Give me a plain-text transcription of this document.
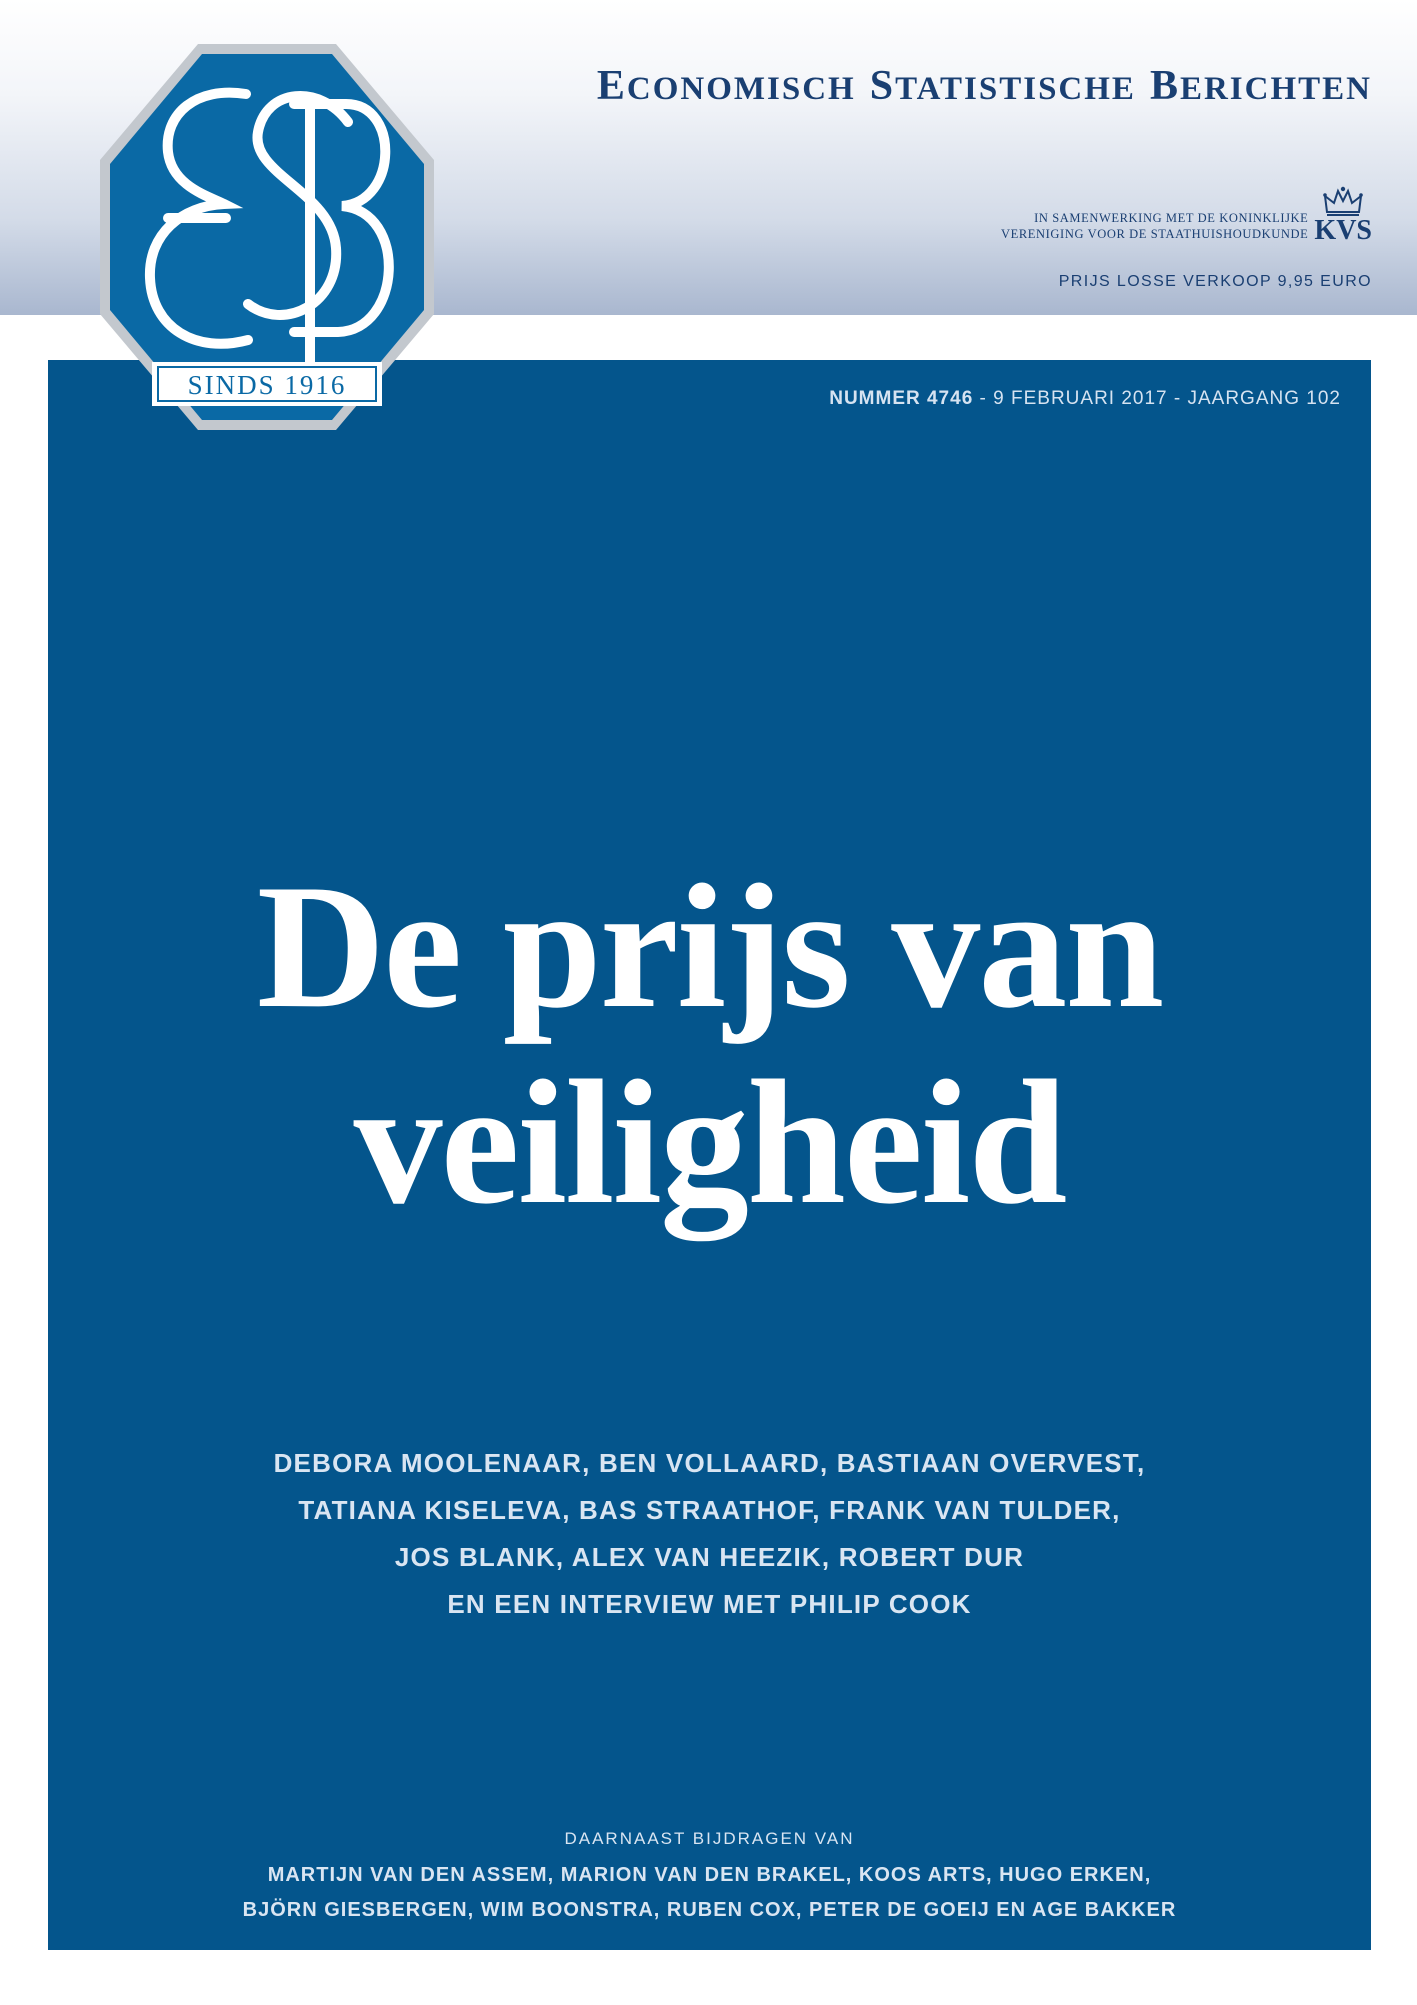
ECONOMISCH STATISTISCHE BERICHTEN
IN SAMENWERKING MET DE KONINKLIJKE
VERENIGING VOOR DE STAATHUISHOUDKUNDE KVS
PRIJS LOSSE VERKOOP 9,95 EURO
SINDS 1916	NUMMER 4746 - 9 FEBRUARI 2017 - JAARGANG 102
De prijs van
veiligheid
DEBORA MOOLENAAR, BEN VOLLAARD, BASTIAAN OVERVEST,
TATIANA KISELEVA, BAS STRAATHOF, FRANK VAN TULDER,
JOS BLANK, ALEX VAN HEEZIK, ROBERT DUR
EN EEN INTERVIEW MET PHILIP COOK
DAARNAAST BIJDRAGEN VAN
MARTIJN VAN DEN ASSEM, MARION VAN DEN BRAKEL, KOOS ARTS, HUGO ERKEN,
BJÖRN GIESBERGEN, WIM BOONSTRA, RUBEN COX, PETER DE GOEIJ EN AGE BAKKER
